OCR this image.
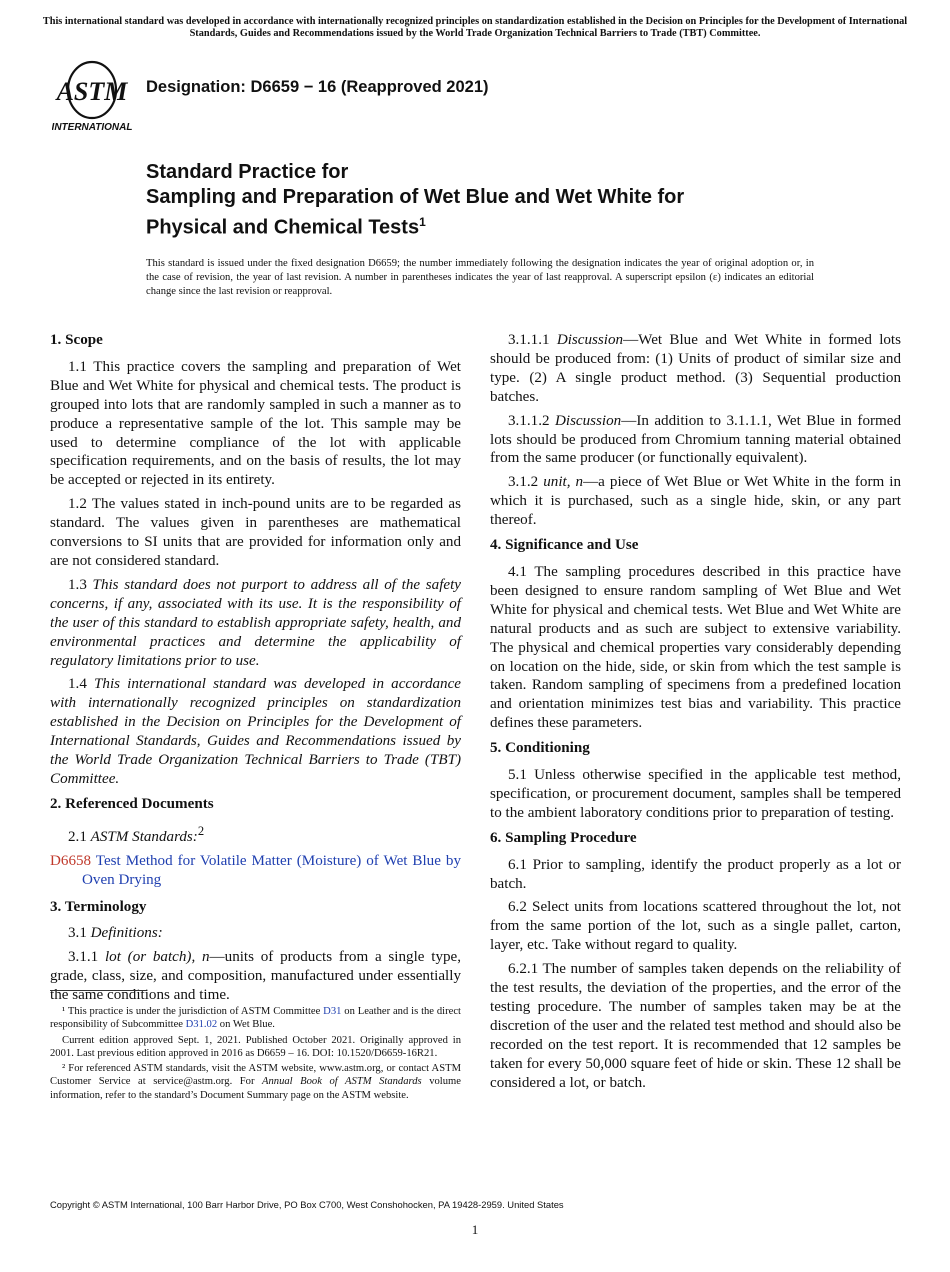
This international standard was developed in accordance with internationally recognized principles on standardization established in the Decision on Principles for the Development of International Standards, Guides and Recommendations issued by the World Trade Organization Technical Barriers to Trade (TBT) Committee.
ASTM
INTERNATIONAL
Designation: D6659 − 16 (Reapproved 2021)
Standard Practice for
Sampling and Preparation of Wet Blue and Wet White for
Physical and Chemical Tests$^1$
This standard is issued under the fixed designation D6659; the number immediately following the designation indicates the year of original adoption or, in the case of revision, the year of last revision. A number in parentheses indicates the year of last reapproval. A superscript epsilon (ε) indicates an editorial change since the last revision or reapproval.
1. Scope

1.1 This practice covers the sampling and preparation of Wet Blue and Wet White for physical and chemical tests. The product is grouped into lots that are randomly sampled in such a manner as to produce a representative sample of the lot. This sample may be used to determine compliance of the lot with applicable specification requirements, and on the basis of results, the lot may be accepted or rejected in its entirety.

1.2 The values stated in inch-pound units are to be regarded as standard. The values given in parentheses are mathematical conversions to SI units that are provided for information only and are not considered standard.

1.3 This standard does not purport to address all of the safety concerns, if any, associated with its use. It is the responsibility of the user of this standard to establish appropriate safety, health, and environmental practices and determine the applicability of regulatory limitations prior to use.

1.4 This international standard was developed in accordance with internationally recognized principles on standardization established in the Decision on Principles for the Development of International Standards, Guides and Recommendations issued by the World Trade Organization Technical Barriers to Trade (TBT) Committee.

2. Referenced Documents

2.1 ASTM Standards:$^2$

D6658 Test Method for Volatile Matter (Moisture) of Wet Blue by Oven Drying
3. Terminology

3.1 Definitions:

3.1.1 lot (or batch), n—units of products from a single type, grade, class, size, and composition, manufactured under essentially the same conditions and time.

¹ This practice is under the jurisdiction of ASTM Committee D31 on Leather and is the direct responsibility of Subcommittee D31.02 on Wet Blue.

Current edition approved Sept. 1, 2021. Published October 2021. Originally approved in 2001. Last previous edition approved in 2016 as D6659 – 16. DOI: 10.1520/D6659-16R21.

² For referenced ASTM standards, visit the ASTM website, www.astm.org, or contact ASTM Customer Service at service@astm.org. For Annual Book of ASTM Standards volume information, refer to the standard’s Document Summary page on the ASTM website.

3.1.1.1 Discussion—Wet Blue and Wet White in formed lots should be produced from: (1) Units of product of similar size and type. (2) A single product method. (3) Sequential production batches.

3.1.1.2 Discussion—In addition to 3.1.1.1, Wet Blue in formed lots should be produced from Chromium tanning material obtained from the same producer (or functionally equivalent).

3.1.2 unit, n—a piece of Wet Blue or Wet White in the form in which it is purchased, such as a single hide, skin, or any part thereof.

4. Significance and Use

4.1 The sampling procedures described in this practice have been designed to ensure random sampling of Wet Blue and Wet White for physical and chemical tests. Wet Blue and Wet White are natural products and as such are subject to extensive variability. The physical and chemical properties vary considerably depending on location on the hide, side, or skin from which the test sample is taken. Random sampling of specimens from a predefined location and orientation minimizes test bias and variability. This practice defines these parameters.

5. Conditioning

5.1 Unless otherwise specified in the applicable test method, specification, or procurement document, samples shall be tempered to the ambient laboratory conditions prior to preparation of testing.

6. Sampling Procedure

6.1 Prior to sampling, identify the product properly as a lot or batch.

6.2 Select units from locations scattered throughout the lot, not from the same portion of the lot, such as a single pallet, carton, layer, etc. Take without regard to quality.

6.2.1 The number of samples taken depends on the reliability of the test results, the deviation of the properties, and the error of the testing procedure. The number of samples taken may be at the discretion of the user and the related test method and should also be recorded on the test report. It is recommended that 12 samples be taken for every 50,000 square feet of hide or skin. These 12 shall be considered a lot, or batch.

Copyright © ASTM International, 100 Barr Harbor Drive, PO Box C700, West Conshohocken, PA 19428-2959. United States
1
